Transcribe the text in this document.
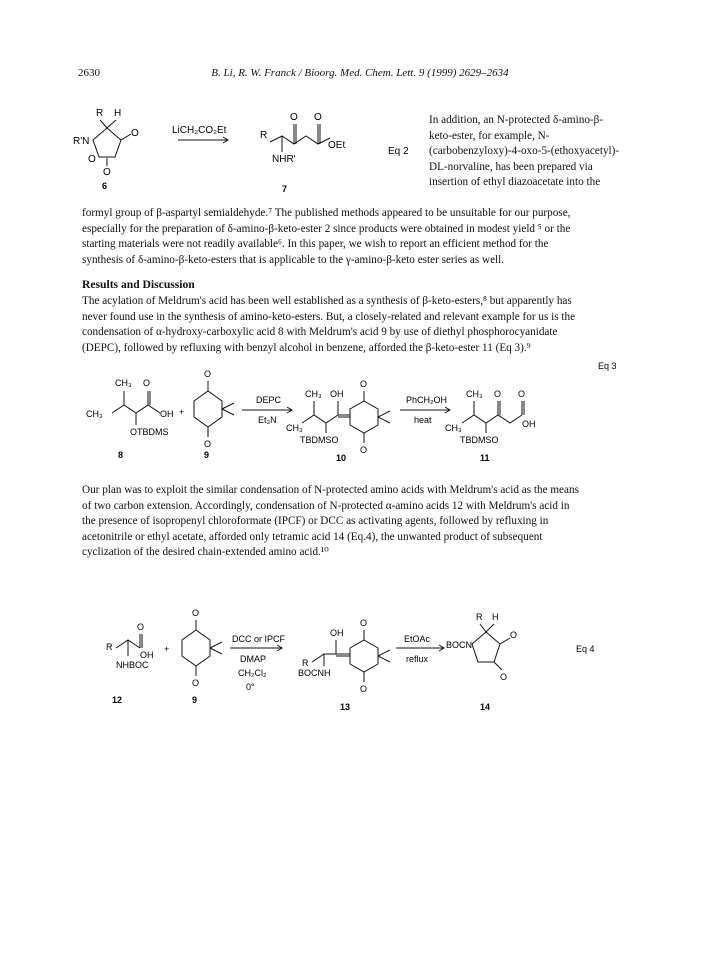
2630	B. Li, R. W. Franck / Bioorg. Med. Chem. Lett. 9 (1999) 2629–2634
R H
R'N
O
O
O
LiCH₂CO₂Et	R
O O
OEt
NHR'
Eq 2
6	7
In addition, an N-protected δ-amino-β-
keto-ester, for example, N-
(carbobenzyloxy)-4-oxo-5-(ethoxyacetyl)-
DL-norvaline, has been prepared via
insertion of ethyl diazoacetate into the
formyl group of β-aspartyl semialdehyde.⁷ The published methods appeared to be unsuitable for our purpose,
especially for the preparation of δ-amino-β-keto-ester 2 since products were obtained in modest yield ⁵ or the
starting materials were not readily available⁶. In this paper, we wish to report an efficient method for the
synthesis of δ-amino-β-keto-esters that is applicable to the γ-amino-β-keto ester series as well.
Results and Discussion
The acylation of Meldrum's acid has been well established as a synthesis of β-keto-esters,⁸ but apparently has
never found use in the synthesis of amino-keto-esters. But, a closely-related and relevant example for us is the
condensation of α-hydroxy-carboxylic acid 8 with Meldrum's acid 9 by use of diethyl phosphorocyanidate
(DEPC), followed by refluxing with benzyl alcohol in benzene, afforded the β-keto-ester 11 (Eq 3).⁹
CH₃
CH₃
O
OH
OTBDMS
+
O
O
DEPC
Et₃N
CH₃ OH
CH₃
TBDMSO
O
O
PhCH₂OH
heat
CH₃ O O
OH
CH₃
TBDMSO
Eq 3
8	9	10	11
Our plan was to exploit the similar condensation of N-protected amino acids with Meldrum's acid as the means
of two carbon extension. Accordingly, condensation of N-protected α-amino acids 12 with Meldrum's acid in
the presence of isopropenyl chloroformate (IPCF) or DCC as activating agents, followed by refluxing in
acetonitrile or ethyl acetate, afforded only tetramic acid 14 (Eq.4), the unwanted product of subsequent
cyclization of the desired chain-extended amino acid.¹⁰
R
O
OH
NHBOC
+
O
O
DCC or IPCF
DMAP
CH₂Cl₂
0°
OH
R
BOCNH
O
O
EtOAc
reflux
R H
O
BOCN
O
Eq 4
12	9
13	14
